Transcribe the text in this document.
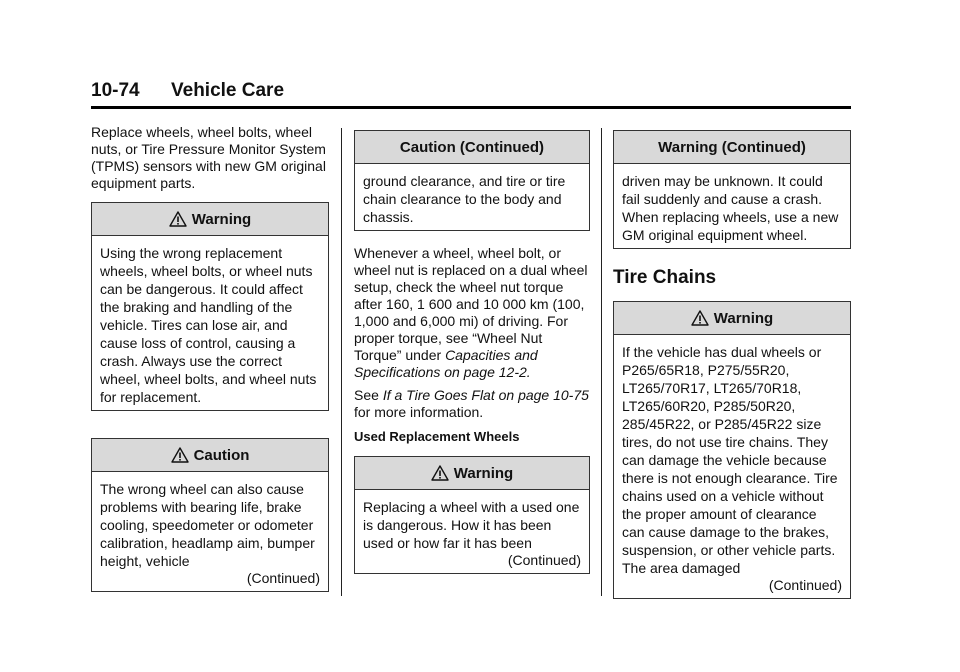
10-74 Vehicle Care

Replace wheels, wheel bolts, wheel nuts, or Tire Pressure Monitor System (TPMS) sensors with new GM original equipment parts.

Warning
Using the wrong replacement wheels, wheel bolts, or wheel nuts can be dangerous. It could affect the braking and handling of the vehicle. Tires can lose air, and cause loss of control, causing a crash. Always use the correct wheel, wheel bolts, and wheel nuts for replacement.
Caution
The wrong wheel can also cause problems with bearing life, brake cooling, speedometer or odometer calibration, headlamp aim, bumper height, vehicle
(Continued)
Caution (Continued)
ground clearance, and tire or tire chain clearance to the body and chassis.

Whenever a wheel, wheel bolt, or wheel nut is replaced on a dual wheel setup, check the wheel nut torque after 160, 1 600 and 10 000 km (100, 1,000 and 6,000 mi) of driving. For proper torque, see “Wheel Nut Torque” under Capacities and Specifications on page 12-2.

See If a Tire Goes Flat on page 10-75 for more information.

Used Replacement Wheels

Warning
Replacing a wheel with a used one is dangerous. How it has been used or how far it has been
(Continued)
Warning (Continued)
driven may be unknown. It could fail suddenly and cause a crash. When replacing wheels, use a new GM original equipment wheel.

Tire Chains

Warning
If the vehicle has dual wheels or P265/65R18, P275/55R20, LT265/70R17, LT265/70R18, LT265/60R20, P285/50R20, 285/45R22, or P285/45R22 size tires, do not use tire chains. They can damage the vehicle because there is not enough clearance. Tire chains used on a vehicle without the proper amount of clearance can cause damage to the brakes, suspension, or other vehicle parts. The area damaged
(Continued)
